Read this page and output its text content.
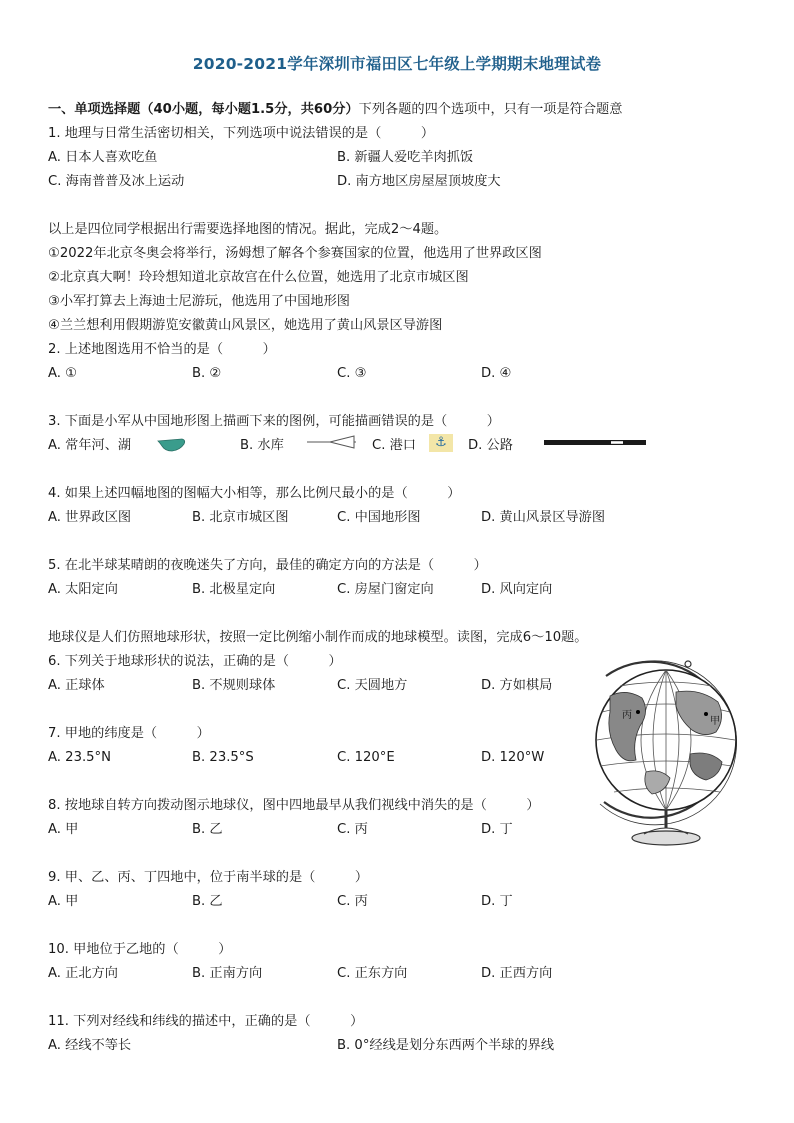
2020-2021学年深圳市福田区七年级上学期期末地理试卷
一、单项选择题（40小题，每小题1.5分，共60分）下列各题的四个选项中，只有一项是符合题意
1. 地理与日常生活密切相关，下列选项中说法错误的是（　　　）
A. 日本人喜欢吃鱼	B. 新疆人爱吃羊肉抓饭
C. 海南普普及冰上运动	D. 南方地区房屋屋顶坡度大
以上是四位同学根据出行需要选择地图的情况。据此，完成2～4题。
①2022年北京冬奥会将举行，汤姆想了解各个参赛国家的位置，他选用了世界政区图
②北京真大啊！玲玲想知道北京故宫在什么位置，她选用了北京市城区图
③小军打算去上海迪士尼游玩，他选用了中国地形图
④兰兰想利用假期游览安徽黄山风景区，她选用了黄山风景区导游图
2. 上述地图选用不恰当的是（　　　）
A. ①	B. ②	C. ③	D. ④
3. 下面是小军从中国地形图上描画下来的图例，可能描画错误的是（　　　）
A. 常年河、湖	B. 水库	C. 港口	⚓	D. 公路
4. 如果上述四幅地图的图幅大小相等，那么比例尺最小的是（　　　）
A. 世界政区图	B. 北京市城区图	C. 中国地形图	D. 黄山风景区导游图
5. 在北半球某晴朗的夜晚迷失了方向，最佳的确定方向的方法是（　　　）
A. 太阳定向	B. 北极星定向	C. 房屋门窗定向	D. 风向定向
地球仪是人们仿照地球形状，按照一定比例缩小制作而成的地球模型。读图，完成6～10题。
6. 下列关于地球形状的说法，正确的是（　　　）
A. 正球体	B. 不规则球体	C. 天圆地方	D. 方如棋局
7. 甲地的纬度是（　　　）
A. 23.5°N	B. 23.5°S	C. 120°E	D. 120°W
8. 按地球自转方向拨动图示地球仪，图中四地最早从我们视线中消失的是（　　　）
A. 甲	B. 乙	C. 丙	D. 丁
9. 甲、乙、丙、丁四地中，位于南半球的是（　　　）
A. 甲	B. 乙	C. 丙	D. 丁
10. 甲地位于乙地的（　　　）
A. 正北方向	B. 正南方向	C. 正东方向	D. 正西方向
11. 下列对经线和纬线的描述中，正确的是（　　　）
A. 经线不等长	B. 0°经线是划分东西两个半球的界线
丙
甲
